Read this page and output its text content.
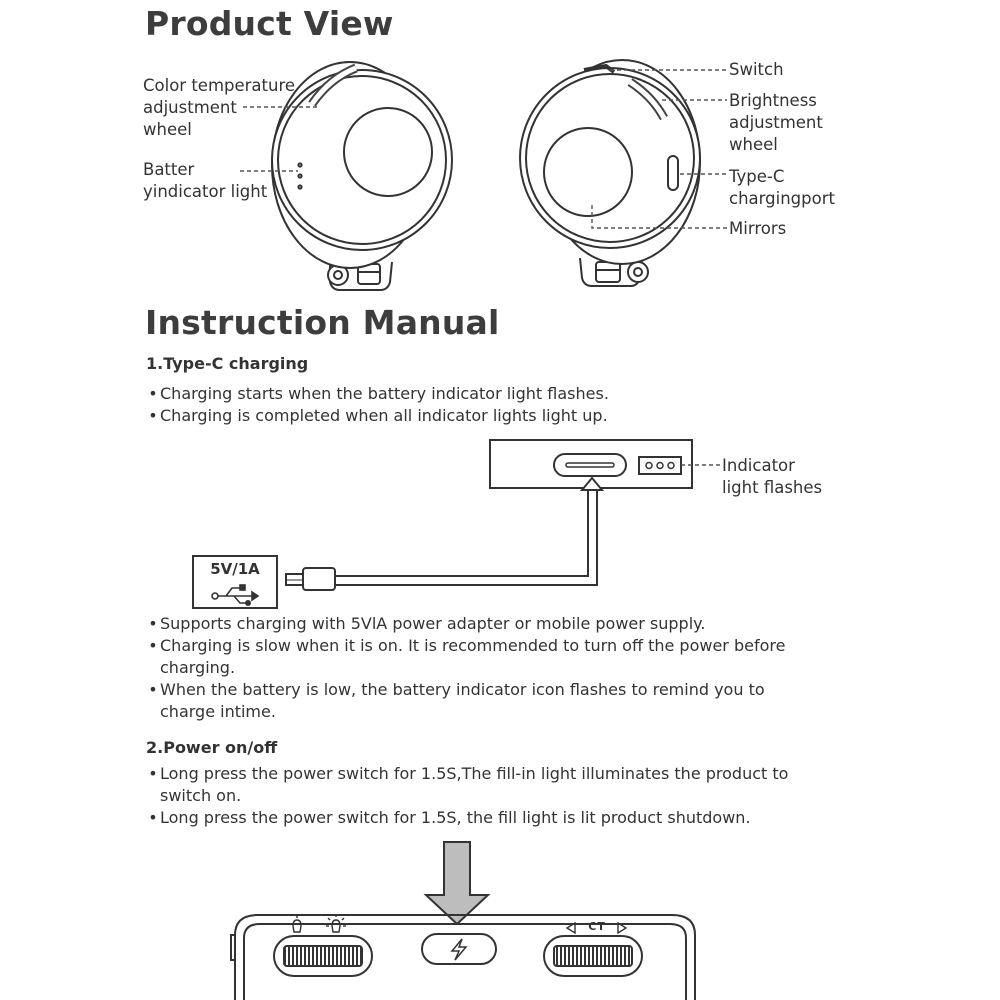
Product View
Color temperature
adjustment
wheel
Batter
yindicator light
Switch
Brightness
adjustment
wheel
Type-C
chargingport
Mirrors
Instruction Manual
1.Type-C charging
• Charging starts when the battery indicator light flashes.
• Charging is completed when all indicator lights light up.
Indicator
light flashes
5V/1A
• Supports charging with 5VlA power adapter or mobile power supply.
• Charging is slow when it is on. It is recommended to turn off the power before charging.
• When the battery is low, the battery indicator icon flashes to remind you to charge intime.
2.Power on/off
• Long press the power switch for 1.5S,The fill-in light illuminates the product to switch on.
• Long press the power switch for 1.5S, the fill light is lit product shutdown.
CT
